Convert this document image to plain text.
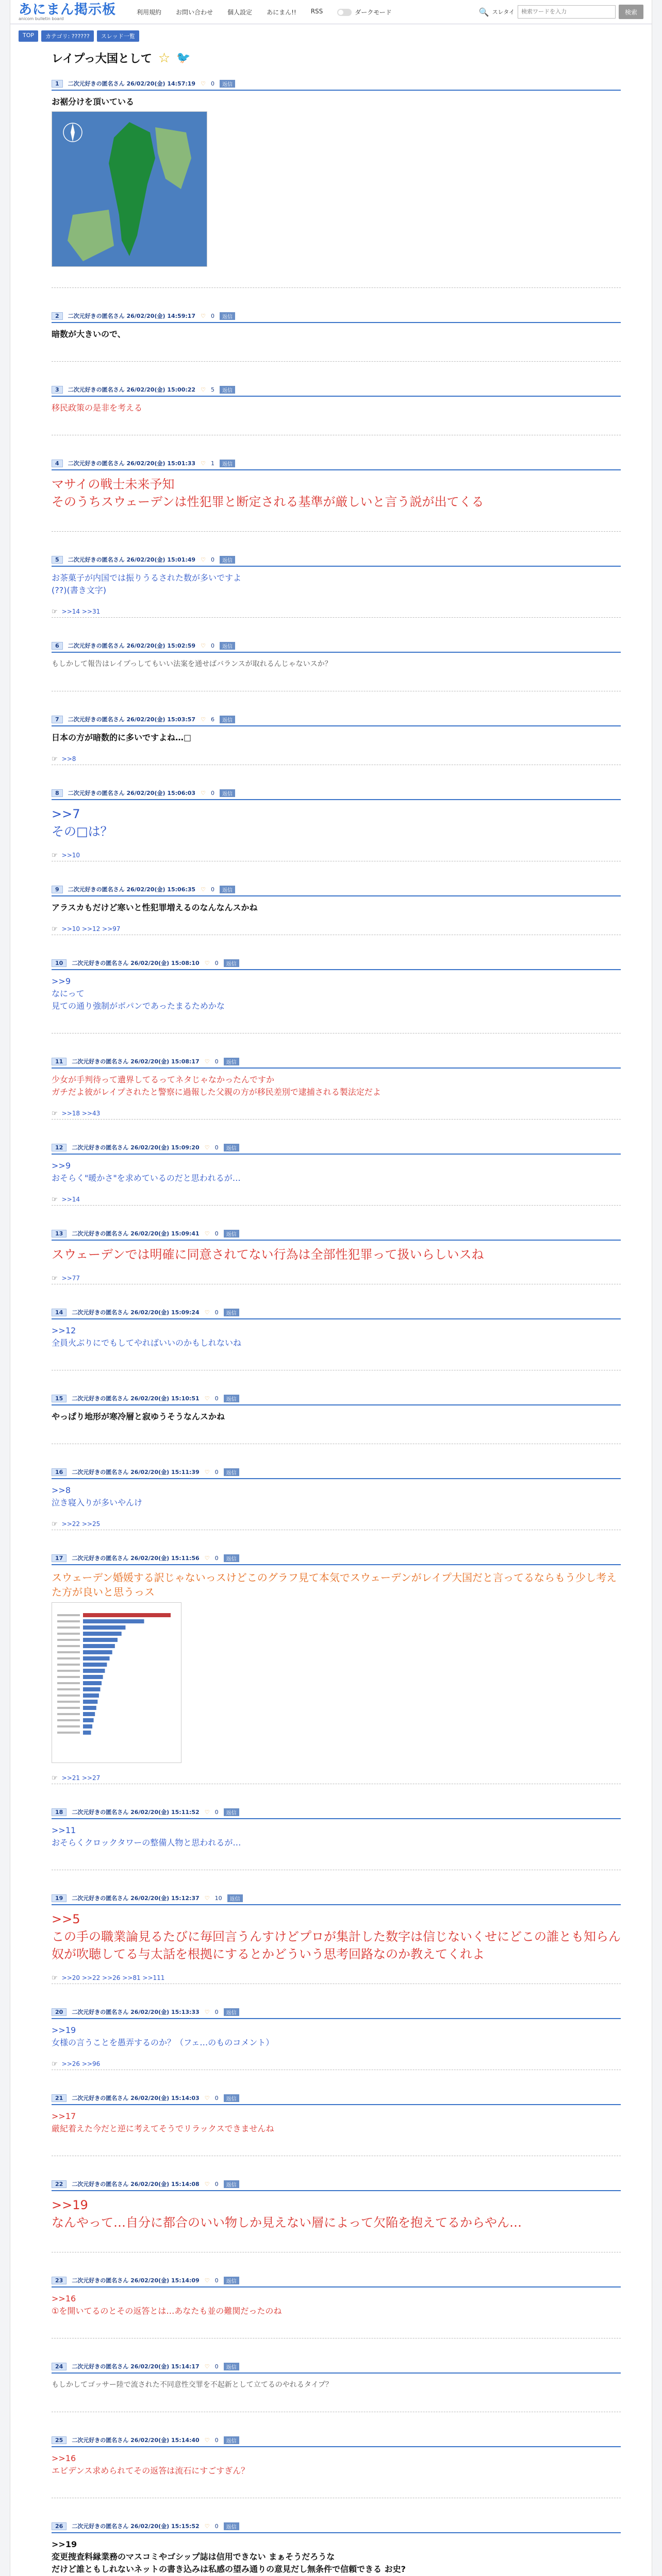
あにまん掲示板
anicom bulletin board
利用規約 お問い合わせ 個人設定 あにまん!! RSS	ダークモード	🔍 スレタイ
検索ワードを入力	検索
TOP	カテゴリ: ??????	スレッド一覧
レイプっ大国として ☆ 🐦
1	二次元好きの匿名さん 26/02/20(金) 14:57:19 ♡ 0	返信
お裾分けを頂いている
2	二次元好きの匿名さん 26/02/20(金) 14:59:17 ♡ 0	返信
暗数が大きいので、
3	二次元好きの匿名さん 26/02/20(金) 15:00:22 ♡ 5	返信
移民政策の是非を考える
4	二次元好きの匿名さん 26/02/20(金) 15:01:33 ♡ 1	返信
マサイの戦士未来予知
そのうちスウェーデンは性犯罪と断定される基準が厳しいと言う説が出てくる
5	二次元好きの匿名さん 26/02/20(金) 15:01:49 ♡ 0	返信
お茶菓子が内国では振りうるされた数が多いですよ
(??)(書き文字)
☞ >>14 >>31
6	二次元好きの匿名さん 26/02/20(金) 15:02:59 ♡ 0	返信
もしかして報告はレイプっしてもいい法案を通せばバランスが取れるんじゃないスか？
7	二次元好きの匿名さん 26/02/20(金) 15:03:57 ♡ 6	返信
日本の方が暗数的に多いですよね…□
☞ >>8
8	二次元好きの匿名さん 26/02/20(金) 15:06:03 ♡ 0	返信
>>7
その□は？
☞ >>10
9	二次元好きの匿名さん 26/02/20(金) 15:06:35 ♡ 0	返信
アラスカもだけど寒いと性犯罪増えるのなんなんスかね
☞ >>10 >>12 >>97
10	二次元好きの匿名さん 26/02/20(金) 15:08:10 ♡ 0	返信
>>9
なにって
見ての通り強制がボパンであったまるためかな
11	二次元好きの匿名さん 26/02/20(金) 15:08:17 ♡ 0	返信
少女が手判待って遺界してるってネタじゃなかったんですか
ガチだよ彼がレイプされたと警察に過報した父親の方が移民差別で逮捕される製法定だよ
☞ >>18 >>43
12	二次元好きの匿名さん 26/02/20(金) 15:09:20 ♡ 0	返信
>>9
おそらく"暖かさ"を求めているのだと思われるが…
☞ >>14
13	二次元好きの匿名さん 26/02/20(金) 15:09:41 ♡ 0	返信
スウェーデンでは明確に同意されてない行為は全部性犯罪って扱いらしいスね
☞ >>77
14	二次元好きの匿名さん 26/02/20(金) 15:09:24 ♡ 0	返信
>>12
全員火ぶりにでもしてやればいいのかもしれないね
15	二次元好きの匿名さん 26/02/20(金) 15:10:51 ♡ 0	返信
やっぱり地形が寒冷層と寂ゆうそうなんスかね
16	二次元好きの匿名さん 26/02/20(金) 15:11:39 ♡ 0	返信
>>8
泣き寝入りが多いやんけ
☞ >>22 >>25
17	二次元好きの匿名さん 26/02/20(金) 15:11:56 ♡ 0	返信
スウェーデン婚媛する訳じゃないっスけどこのグラフ見て本気でスウェーデンがレイプ大国だと言ってるならもう少し考えた方が良いと思うっス
☞ >>21 >>27
18	二次元好きの匿名さん 26/02/20(金) 15:11:52 ♡ 0	返信
>>11
おそらくクロックタワーの整備人物と思われるが…
19	二次元好きの匿名さん 26/02/20(金) 15:12:37 ♡ 10	返信
>>5
この手の職業論見るたびに毎回言うんすけどプロが集計した数字は信じないくせにどこの誰とも知らん奴が吹聴してる与太話を根拠にするとかどういう思考回路なのか教えてくれよ
☞ >>20 >>22 >>26 >>81 >>111
20	二次元好きの匿名さん 26/02/20(金) 15:13:33 ♡ 0	返信
>>19
女様の言うことを愚弄するのか？（フェ…のものコメント）
☞ >>26 >>96
21	二次元好きの匿名さん 26/02/20(金) 15:14:03 ♡ 0	返信
>>17
厳紀着えた今だと逆に考えてそうでリラックスできませんね
22	二次元好きの匿名さん 26/02/20(金) 15:14:08 ♡ 0	返信
>>19
なんやって…自分に都合のいい物しか見えない層によって欠陥を抱えてるからやん…
23	二次元好きの匿名さん 26/02/20(金) 15:14:09 ♡ 0	返信
>>16
①を開いてるのとその返答とは…あなたも並の難関だったのね
24	二次元好きの匿名さん 26/02/20(金) 15:14:17 ♡ 0	返信
もしかしてゴッサー陸で流された不同意性交罪を不起新として立てるのやれるタイプ？
25	二次元好きの匿名さん 26/02/20(金) 15:14:40 ♡ 0	返信
>>16
エビデンス求められてその返答は流石にすごすぎん？
26	二次元好きの匿名さん 26/02/20(金) 15:15:52 ♡ 0	返信
>>19
変更捜査料縁業務のマスコミやゴシップ誌は信用できない まぁそうだろうな
だけど誰ともしれないネットの書き込みは私感の望み通りの意見だし無条件で信頼できる お史?
